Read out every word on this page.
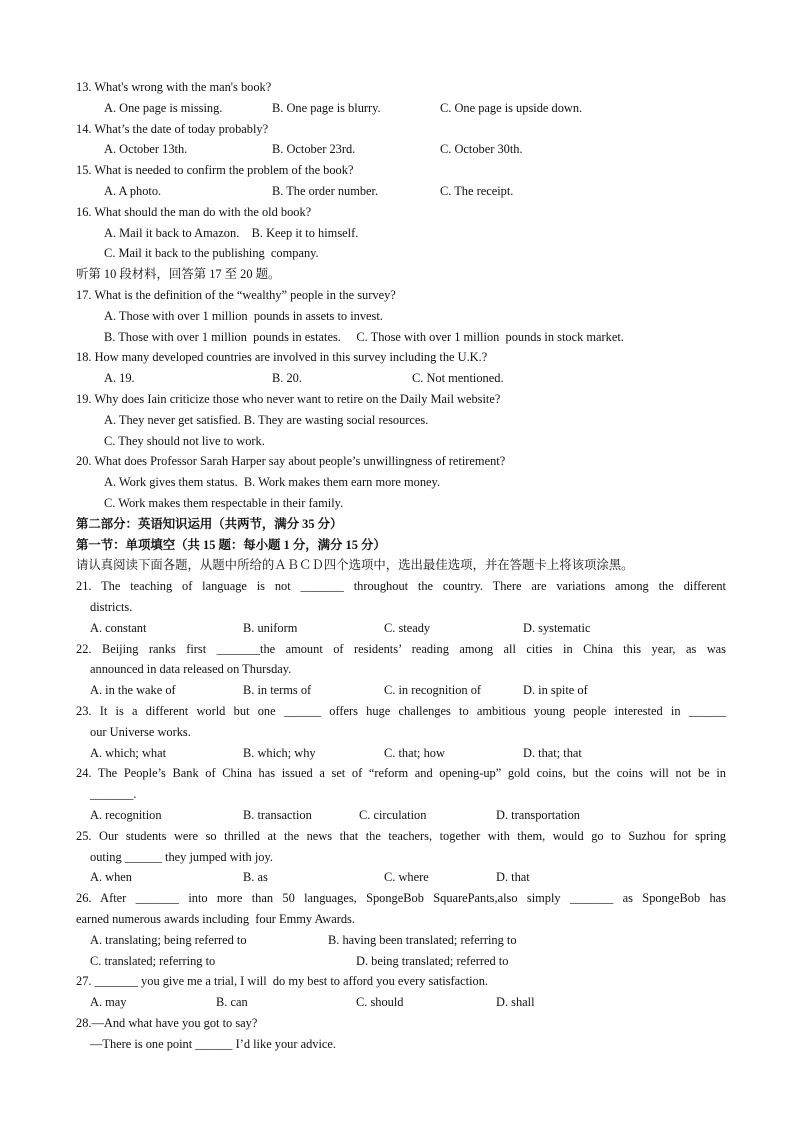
13. What's wrong with the man's book?
A. One page is missing.	B. One page is blurry.	C. One page is upside down.
14. What’s the date of today probably?
A. October 13th.	B. October 23rd.	C. October 30th.
15. What is needed to confirm the problem of the book?
A. A photo.	B. The order number.	C. The receipt.
16. What should the man do with the old book?
A. Mail it back to Amazon.    B. Keep it to himself.
C. Mail it back to the publishing  company.
听第 10 段材料，回答第 17 至 20 题。
17. What is the definition of the “wealthy” people in the survey?
A. Those with over 1 million  pounds in assets to invest.
B. Those with over 1 million  pounds in estates.     C. Those with over 1 million  pounds in stock market.
18. How many developed countries are involved in this survey including the U.K.?
A. 19.	B. 20.	C. Not mentioned.
19. Why does Iain criticize those who never want to retire on the Daily Mail website?
A. They never get satisfied. B. They are wasting social resources.
C. They should not live to work.
20. What does Professor Sarah Harper say about people’s unwillingness of retirement?
A. Work gives them status.  B. Work makes them earn more money.
C. Work makes them respectable in their family.
第二部分：英语知识运用（共两节，满分 35 分）
第一节：单项填空（共 15 题：每小题 1 分，满分 15 分）
请认真阅读下面各题，从题中所给的ＡＢＣＤ四个选项中，选出最佳选项，并在答题卡上将该项涂黑。
21. The teaching of language is not _______ throughout the country. There are variations among the different
districts.
A. constant	B. uniform	C. steady	D. systematic
22. Beijing ranks first _______the amount of residents’ reading among all cities in China this year, as was
announced in data released on Thursday.
A. in the wake of	B. in terms of	C. in recognition of	D. in spite of
23. It is a different world but one ______ offers huge challenges to ambitious young people interested in ______
our Universe works.
A. which; what	B. which; why	C. that; how	D. that; that
24. The People’s Bank of China has issued a set of “reform and opening-up” gold coins, but the coins will not be in
_______.
A. recognition	B. transaction	C. circulation	D. transportation
25. Our students were so thrilled at the news that the teachers, together with them, would go to Suzhou for spring
outing ______ they jumped with joy.
A. when	B. as	C. where	D. that
26. After _______ into more than 50 languages, SpongeBob SquarePants,also simply _______ as SpongeBob has
earned numerous awards including  four Emmy Awards.
A. translating; being referred to	B. having been translated; referring to
C. translated; referring to	D. being translated; referred to
27. _______ you give me a trial, I will  do my best to afford you every satisfaction.
A. may	B. can	C. should	D. shall
28.—And what have you got to say?
—There is one point ______ I’d like your advice.
